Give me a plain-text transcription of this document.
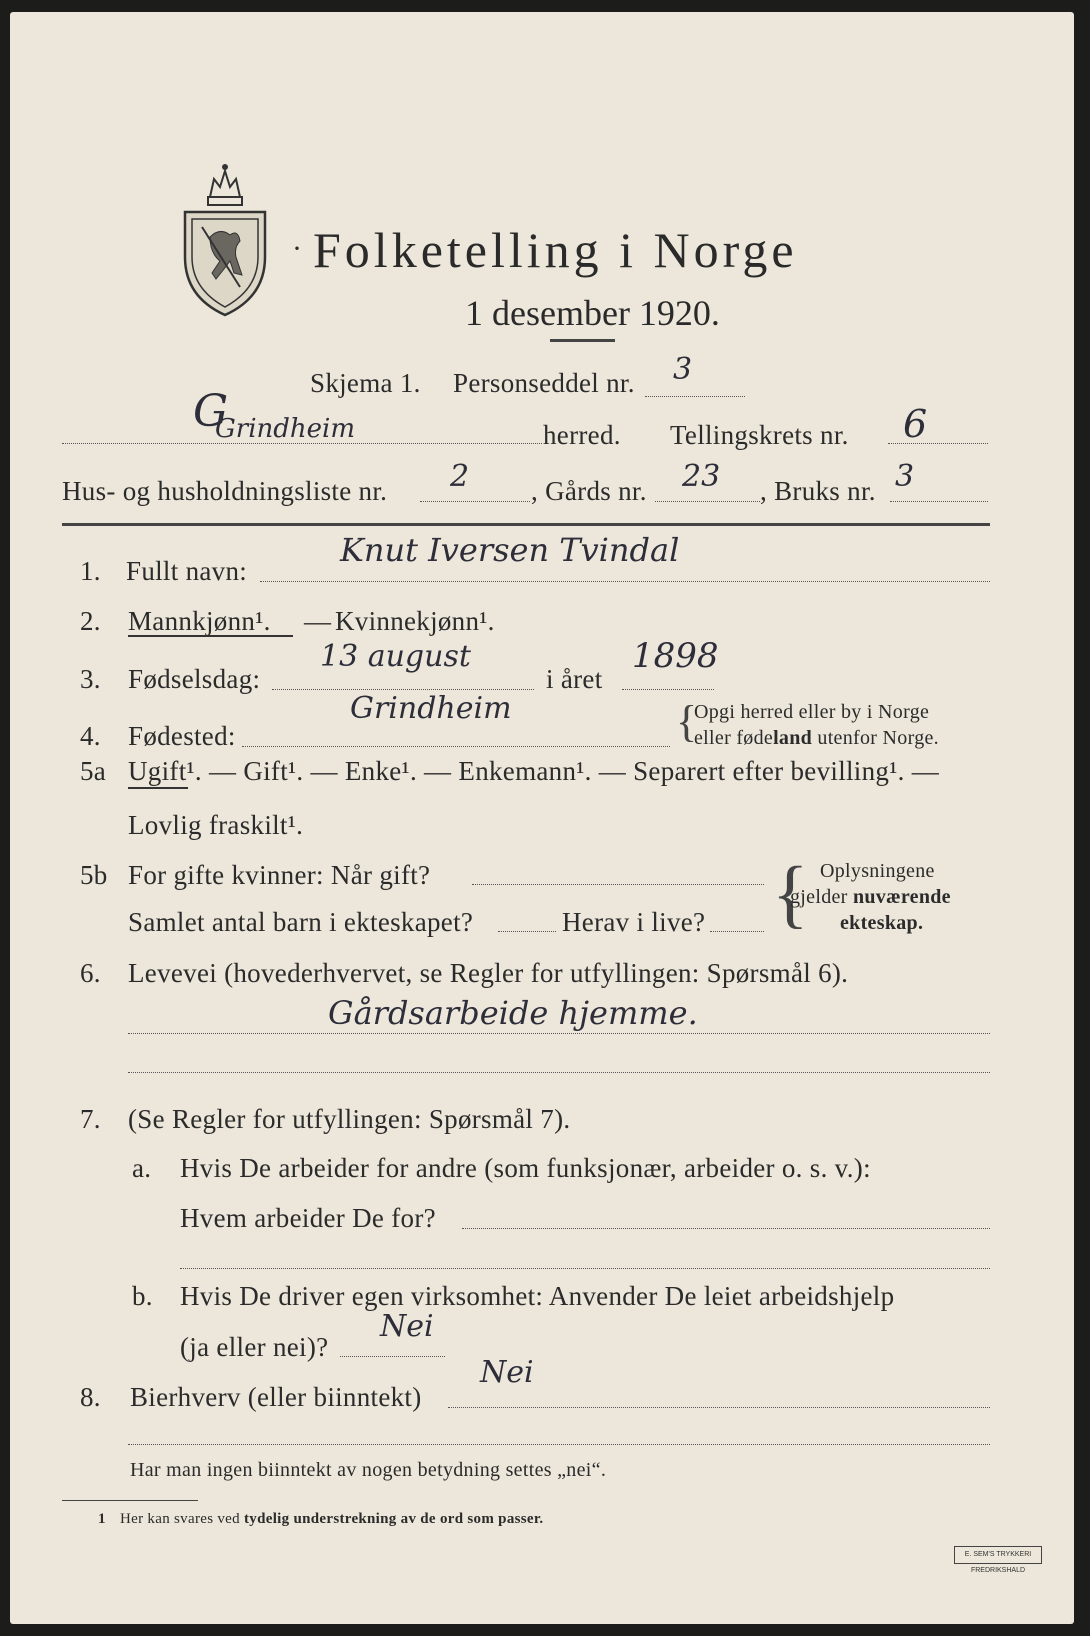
· Folketelling i Norge
1 desember 1920.
G
Skjema 1. Personseddel nr. 3
Grindheim	herred. Tellingskrets nr. 6
Hus- og husholdningsliste nr. 2 , Gårds nr. 23 , Bruks nr. 3
1. Fullt navn:
Knut Iversen Tvindal
2. Mannkjønn¹. — Kvinnekjønn¹.
3. Fødselsdag:
13 august
i året
1898
4. Fødested:
Grindheim	{
Opgi herred eller by i Norge
eller fødeland utenfor Norge.
5a Ugift¹. — Gift¹. — Enke¹. — Enkemann¹. — Separert efter bevilling¹. —
Lovlig fraskilt¹.
5b For gifte kvinner: Når gift?
Samlet antal barn i ekteskapet?	Herav i live? { Oplysningene
gjelder nuværende
ekteskap.
6. Levevei (hovederhvervet, se Regler for utfyllingen: Spørsmål 6).
Gårdsarbeide hjemme.
7. (Se Regler for utfyllingen: Spørsmål 7).
a. Hvis De arbeider for andre (som funksjonær, arbeider o. s. v.):
Hvem arbeider De for?
b. Hvis De driver egen virksomhet: Anvender De leiet arbeidshjelp
(ja eller nei)?
Nei
8. Bierhverv (eller biinntekt)
Nei
Har man ingen biinntekt av nogen betydning settes „nei“.
1 Her kan svares ved tydelig understrekning av de ord som passer.
E. SEM'S TRYKKERI FREDRIKSHALD
